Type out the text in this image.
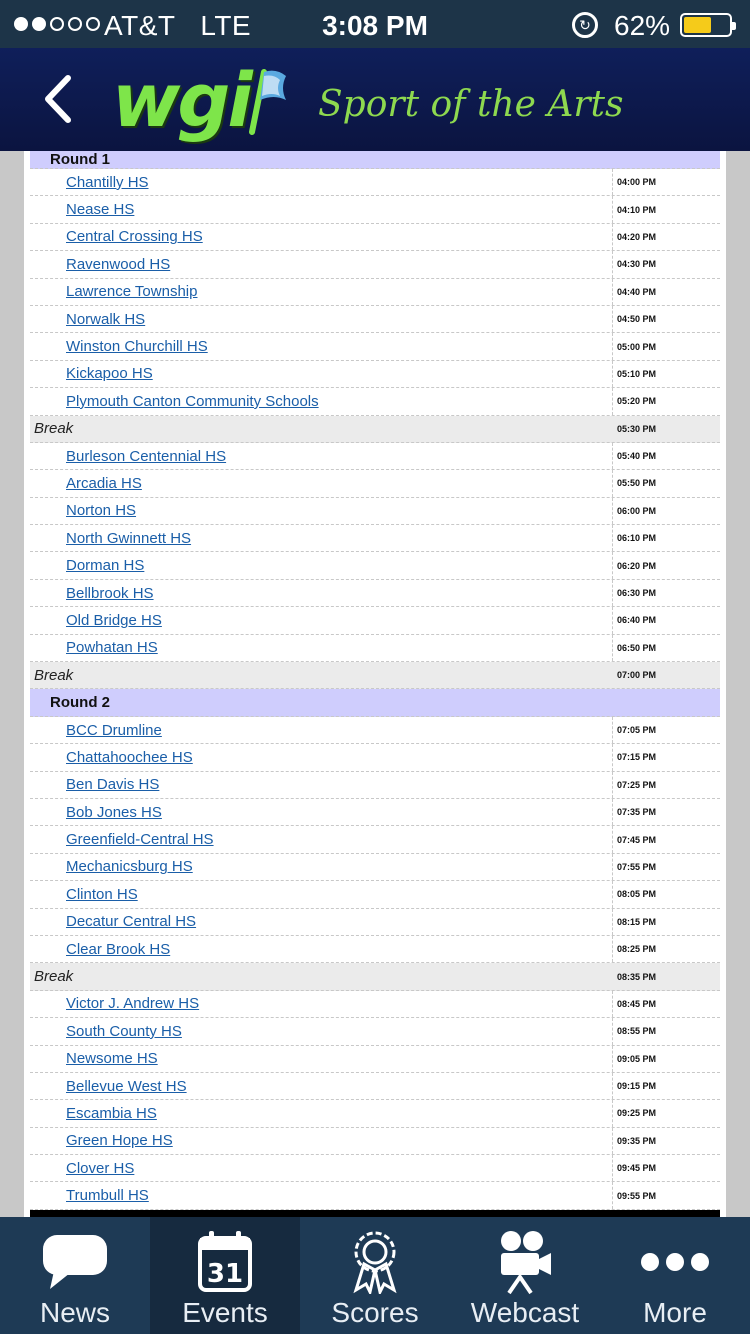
AT&T LTE	3:08 PM	↻ 62%
wgi Sport of the Arts
Round 1
Chantilly HS	04:00 PM
Nease HS	04:10 PM
Central Crossing HS	04:20 PM
Ravenwood HS	04:30 PM
Lawrence Township	04:40 PM
Norwalk HS	04:50 PM
Winston Churchill HS	05:00 PM
Kickapoo HS	05:10 PM
Plymouth Canton Community Schools	05:20 PM
Break	05:30 PM
Burleson Centennial HS	05:40 PM
Arcadia HS	05:50 PM
Norton HS	06:00 PM
North Gwinnett HS	06:10 PM
Dorman HS	06:20 PM
Bellbrook HS	06:30 PM
Old Bridge HS	06:40 PM
Powhatan HS	06:50 PM
Break	07:00 PM
Round 2
BCC Drumline	07:05 PM
Chattahoochee HS	07:15 PM
Ben Davis HS	07:25 PM
Bob Jones HS	07:35 PM
Greenfield-Central HS	07:45 PM
Mechanicsburg HS	07:55 PM
Clinton HS	08:05 PM
Decatur Central HS	08:15 PM
Clear Brook HS	08:25 PM
Break	08:35 PM
Victor J. Andrew HS	08:45 PM
South County HS	08:55 PM
Newsome HS	09:05 PM
Bellevue West HS	09:15 PM
Escambia HS	09:25 PM
Green Hope HS	09:35 PM
Clover HS	09:45 PM
Trumbull HS	09:55 PM
News
31
Events	Scores	Webcast	More
